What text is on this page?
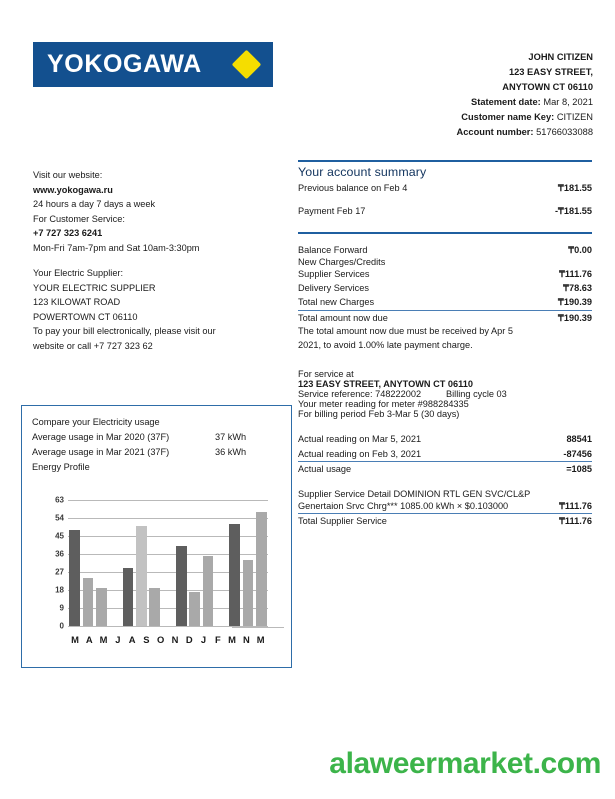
YOKOGAWA	JOHN CITIZEN
123 EASY STREET,
ANYTOWN CT 06110
Statement date: Mar 8, 2021
Customer name Key: CITIZEN
Account number: 51766033088
Visit our website:
www.yokogawa.ru
24 hours a day 7 days a week
For Customer Service:
+7 727 323 6241
Mon-Fri 7am-7pm and Sat 10am-3:30pm
Your Electric Supplier:
YOUR ELECTRIC SUPPLIER
123 KILOWAT ROAD
POWERTOWN CT 06110
To pay your bill electronically, please visit our
website or call +7 727 323 62
Your account summary
Previous balance on Feb 4	₸181.55
Payment Feb 17	-₸181.55
Balance Forward	₸0.00
New Charges/Credits
Supplier Services	₸111.76
Delivery Services	₸78.63
Total new Charges	₸190.39
Total amount now due	₸190.39
The total amount now due must be received by Apr 5
2021, to avoid 1.00% late payment charge.
For service at
123 EASY STREET, ANYTOWN CT 06110
Service reference: 748222002	Billing cycle 03
Your meter reading for meter #988284335
For billing period Feb 3-Mar 5 (30 days)
Actual reading on Mar 5, 2021	88541
Actual reading on Feb 3, 2021	-87456
Actual usage	=1085
Supplier Service Detail DOMINION RTL GEN SVC/CL&P
Genertaion Srvc Chrg*** 1085.00 kWh × $0.103000	₸111.76
Total Supplier Service	₸111.76
Compare your Electricity usage
Average usage in Mar 2020 (37F)	37 kWh
Average usage in Mar 2021 (37F)	36 kWh
Energy Profile
0
9
18
27
36
45
54
63
M A M J A S O N D J F M N M
alaweermarket.com
